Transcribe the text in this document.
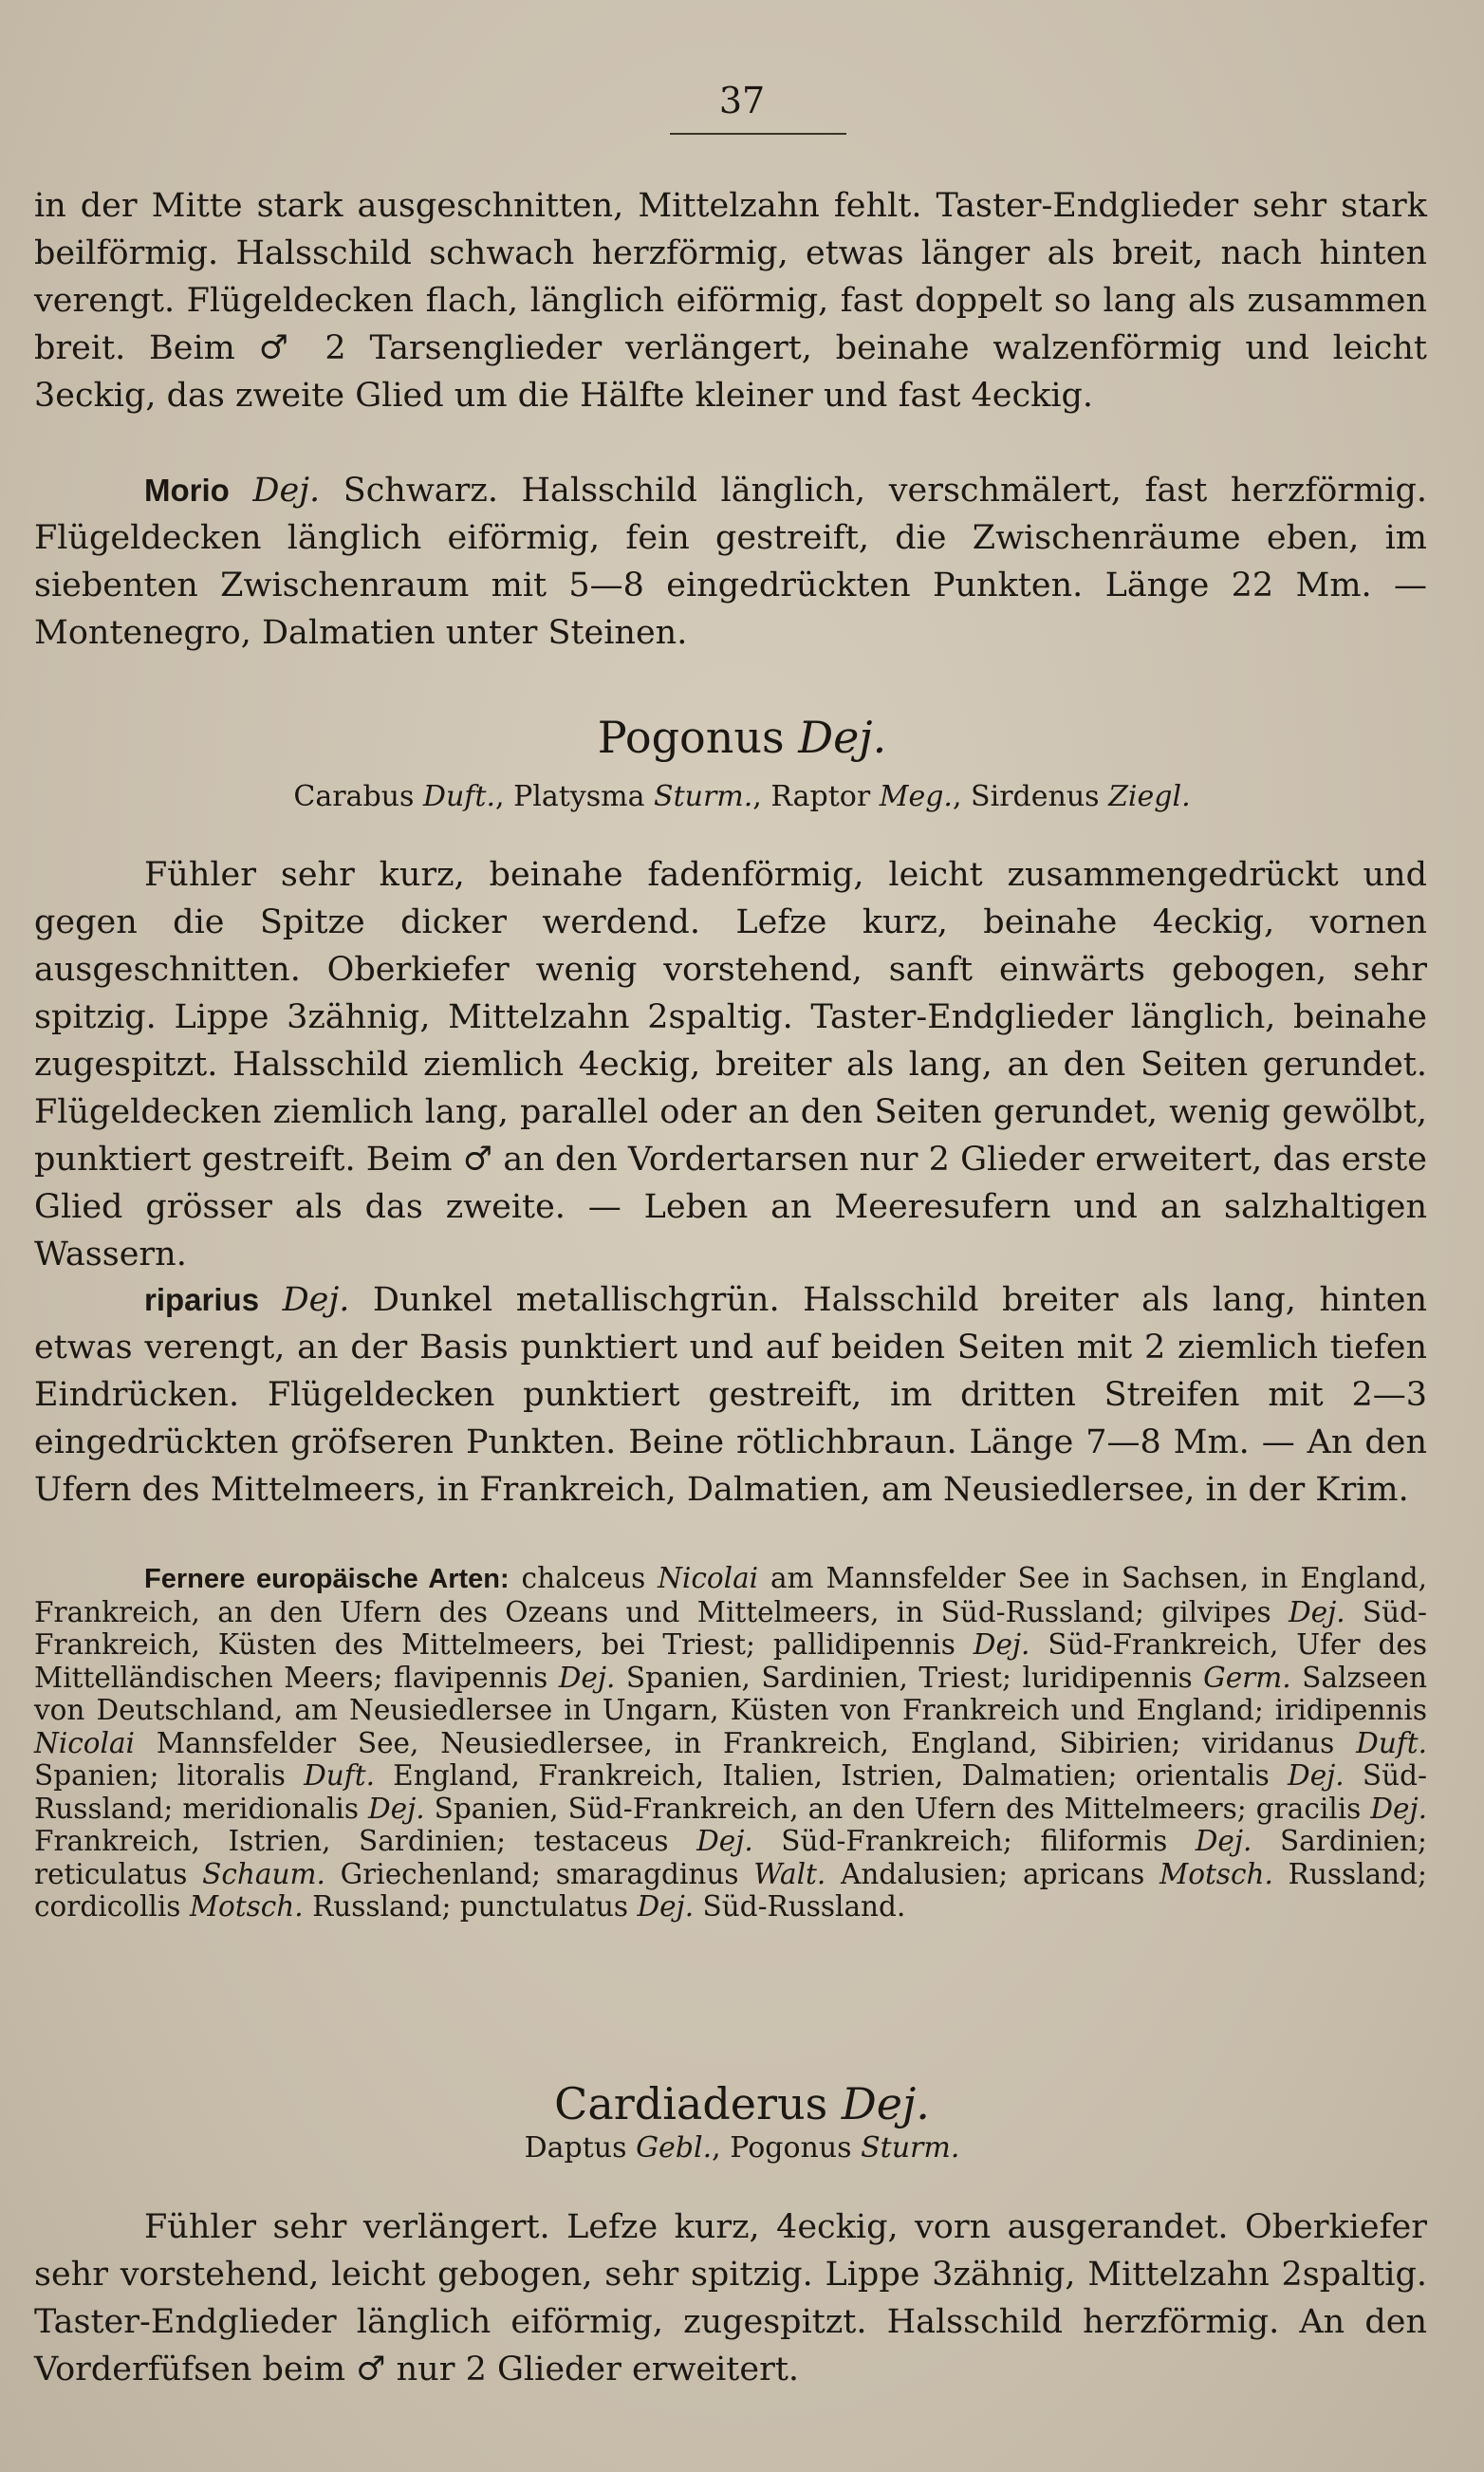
37

in der Mitte stark ausgeschnitten, Mittelzahn fehlt. Taster-Endglieder sehr stark beilförmig. Halsschild schwach herzförmig, etwas länger als breit, nach hinten verengt. Flügeldecken flach, länglich eiförmig, fast doppelt so lang als zusammen breit. Beim ♂ 2 Tarsenglieder verlängert, beinahe walzenförmig und leicht 3eckig, das zweite Glied um die Hälfte kleiner und fast 4eckig.

Morio Dej. Schwarz. Halsschild länglich, verschmälert, fast herzförmig. Flügeldecken länglich eiförmig, fein gestreift, die Zwischenräume eben, im siebenten Zwischenraum mit 5—8 eingedrückten Punkten. Länge 22 Mm. — Montenegro, Dalmatien unter Steinen.

Pogonus Dej.
Carabus Duft., Platysma Sturm., Raptor Meg., Sirdenus Ziegl.

Fühler sehr kurz, beinahe fadenförmig, leicht zusammengedrückt und gegen die Spitze dicker werdend. Lefze kurz, beinahe 4eckig, vornen ausgeschnitten. Oberkiefer wenig vorstehend, sanft einwärts gebogen, sehr spitzig. Lippe 3zähnig, Mittelzahn 2spaltig. Taster-Endglieder länglich, beinahe zugespitzt. Halsschild ziemlich 4eckig, breiter als lang, an den Seiten gerundet. Flügeldecken ziemlich lang, parallel oder an den Seiten gerundet, wenig gewölbt, punktiert gestreift. Beim ♂ an den Vordertarsen nur 2 Glieder erweitert, das erste Glied grösser als das zweite. — Leben an Meeresufern und an salzhaltigen Wassern.

riparius Dej. Dunkel metallischgrün. Halsschild breiter als lang, hinten etwas verengt, an der Basis punktiert und auf beiden Seiten mit 2 ziemlich tiefen Eindrücken. Flügeldecken punktiert gestreift, im dritten Streifen mit 2—3 eingedrückten gröfseren Punkten. Beine rötlichbraun. Länge 7—8 Mm. — An den Ufern des Mittelmeers, in Frankreich, Dalmatien, am Neusiedlersee, in der Krim.

Fernere europäische Arten: chalceus Nicolai am Mannsfelder See in Sachsen, in England, Frankreich, an den Ufern des Ozeans und Mittelmeers, in Süd-Russland; gilvipes Dej. Süd-Frankreich, Küsten des Mittelmeers, bei Triest; pallidipennis Dej. Süd-Frankreich, Ufer des Mittelländischen Meers; flavipennis Dej. Spanien, Sardinien, Triest; luridipennis Germ. Salzseen von Deutschland, am Neusiedlersee in Ungarn, Küsten von Frankreich und England; iridipennis Nicolai Mannsfelder See, Neusiedlersee, in Frankreich, England, Sibirien; viridanus Duft. Spanien; litoralis Duft. England, Frankreich, Italien, Istrien, Dalmatien; orientalis Dej. Süd-Russland; meridionalis Dej. Spanien, Süd-Frankreich, an den Ufern des Mittelmeers; gracilis Dej. Frankreich, Istrien, Sardinien; testaceus Dej. Süd-Frankreich; filiformis Dej. Sardinien; reticulatus Schaum. Griechenland; smaragdinus Walt. Andalusien; apricans Motsch. Russland; cordicollis Motsch. Russland; punctulatus Dej. Süd-Russland.

Cardiaderus Dej.
Daptus Gebl., Pogonus Sturm.

Fühler sehr verlängert. Lefze kurz, 4eckig, vorn ausgerandet. Oberkiefer sehr vorstehend, leicht gebogen, sehr spitzig. Lippe 3zähnig, Mittelzahn 2spaltig. Taster-Endglieder länglich eiförmig, zugespitzt. Halsschild herzförmig. An den Vorderfüfsen beim ♂ nur 2 Glieder erweitert.
